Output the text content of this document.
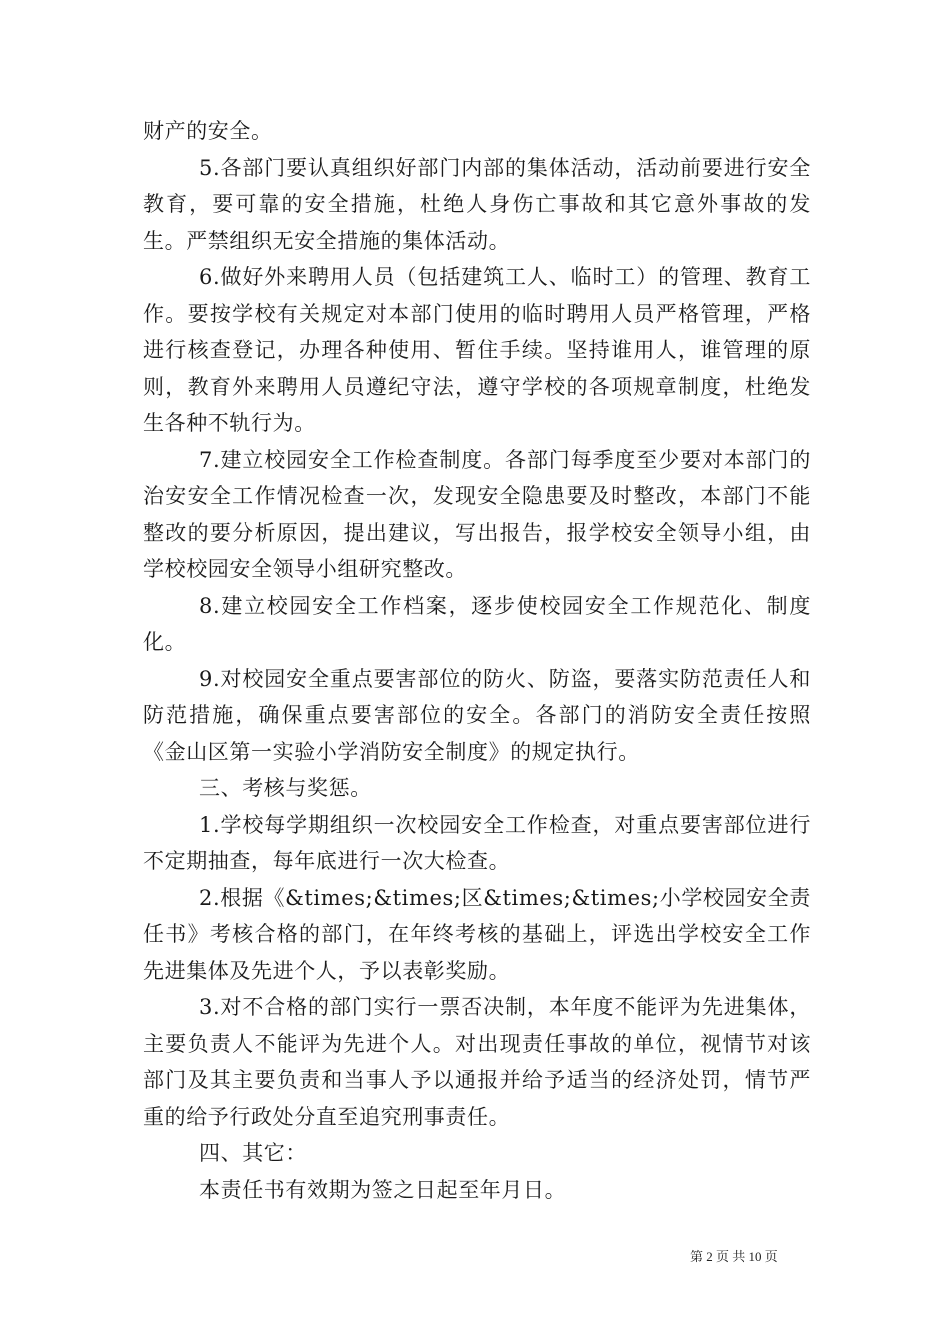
财产的安全。

5.各部门要认真组织好部门内部的集体活动，活动前要进行安全教育，要可靠的安全措施，杜绝人身伤亡事故和其它意外事故的发生。严禁组织无安全措施的集体活动。

6.做好外来聘用人员（包括建筑工人、临时工）的管理、教育工作。要按学校有关规定对本部门使用的临时聘用人员严格管理，严格进行核查登记，办理各种使用、暂住手续。坚持谁用人，谁管理的原则，教育外来聘用人员遵纪守法，遵守学校的各项规章制度，杜绝发生各种不轨行为。

7.建立校园安全工作检查制度。各部门每季度至少要对本部门的治安安全工作情况检查一次，发现安全隐患要及时整改，本部门不能整改的要分析原因，提出建议，写出报告，报学校安全领导小组，由学校校园安全领导小组研究整改。

8.建立校园安全工作档案，逐步使校园安全工作规范化、制度化。

9.对校园安全重点要害部位的防火、防盗，要落实防范责任人和防范措施，确保重点要害部位的安全。各部门的消防安全责任按照《金山区第一实验小学消防安全制度》的规定执行。

三、考核与奖惩。

1.学校每学期组织一次校园安全工作检查，对重点要害部位进行不定期抽查，每年底进行一次大检查。

2.根据《&times;&times;区&times;&times;小学校园安全责任书》考核合格的部门，在年终考核的基础上，评选出学校安全工作先进集体及先进个人，予以表彰奖励。

3.对不合格的部门实行一票否决制，本年度不能评为先进集体，主要负责人不能评为先进个人。对出现责任事故的单位，视情节对该部门及其主要负责和当事人予以通报并给予适当的经济处罚，情节严重的给予行政处分直至追究刑事责任。

四、其它：

本责任书有效期为签之日起至年月日。

第 2 页 共 10 页
